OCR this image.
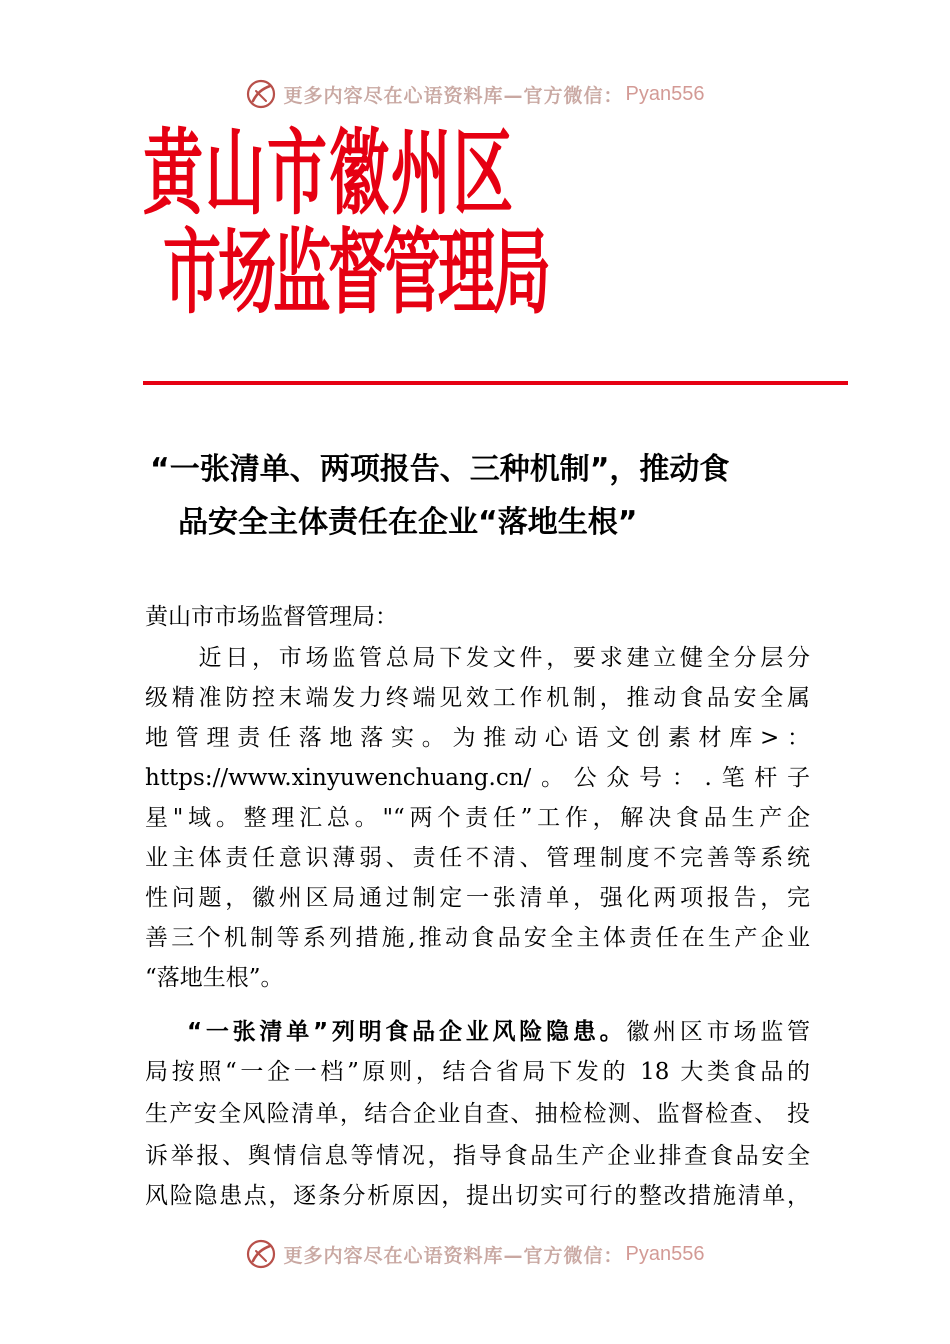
更多内容尽在心语资料库—官方微信： Pyan556
黄山市徽州区
市场监督管理局
“一张清单、两项报告、三种机制”，推动食
品安全主体责任在企业“落地生根”
黄山市市场监督管理局：
　　近日，市场监管总局下发文件，要求建立健全分层分
级精准防控末端发力终端见效工作机制，推动食品安全属
地管理责任落地落实。为推动心语文创素材库>：
https://www.xinyuwenchuang.cn/。公众号：.笔杆子
星"域。整理汇总。"“两个责任”工作，解决食品生产企
业主体责任意识薄弱、责任不清、管理制度不完善等系统
性问题，徽州区局通过制定一张清单，强化两项报告，完
善三个机制等系列措施,推动食品安全主体责任在生产企业
“落地生根”。
“一张清单”列明食品企业风险隐患。徽州区市场监管
局按照“一企一档”原则，结合省局下发的 18 大类食品的
生产安全风险清单，结合企业自查、抽检检测、监督检查、 投
诉举报、舆情信息等情况，指导食品生产企业排查食品安全
风险隐患点，逐条分析原因，提出切实可行的整改措施清单，
更多内容尽在心语资料库—官方微信： Pyan556
